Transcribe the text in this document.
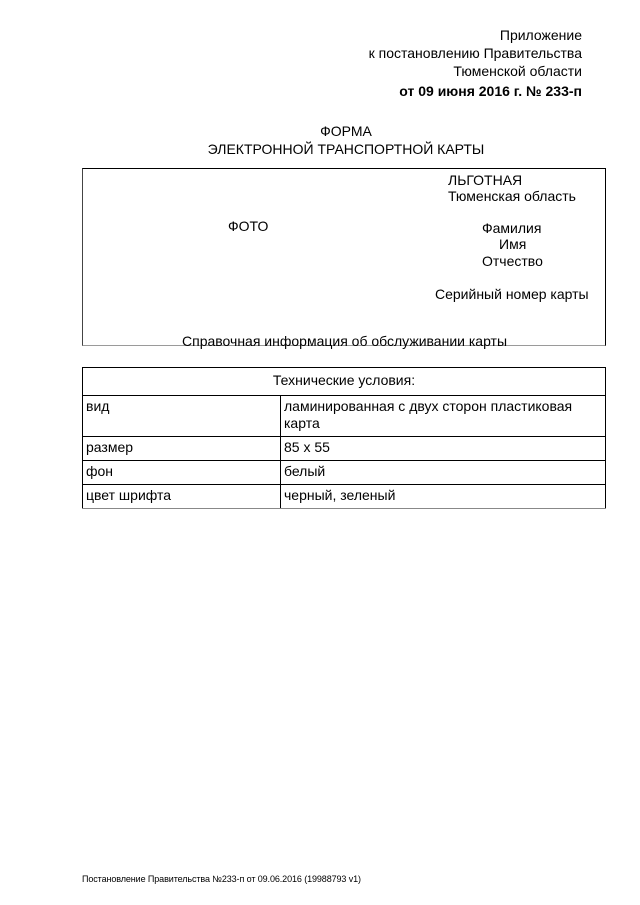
Приложение
к постановлению Правительства
Тюменской области
от 09 июня 2016 г. № 233-п
ФОРМА
ЭЛЕКТРОННОЙ ТРАНСПОРТНОЙ КАРТЫ
ЛЬГОТНАЯ
Тюменская область
ФОТО	Фамилия
Имя
Отчество
Серийный номер карты
Справочная информация об обслуживании карты
Технические условия:	
вид	ламинированная с двух сторон пластиковая карта
размер	85 х 55
фон	белый
цвет шрифта	черный, зеленый
Постановление Правительства №233-п от 09.06.2016 (19988793 v1)
